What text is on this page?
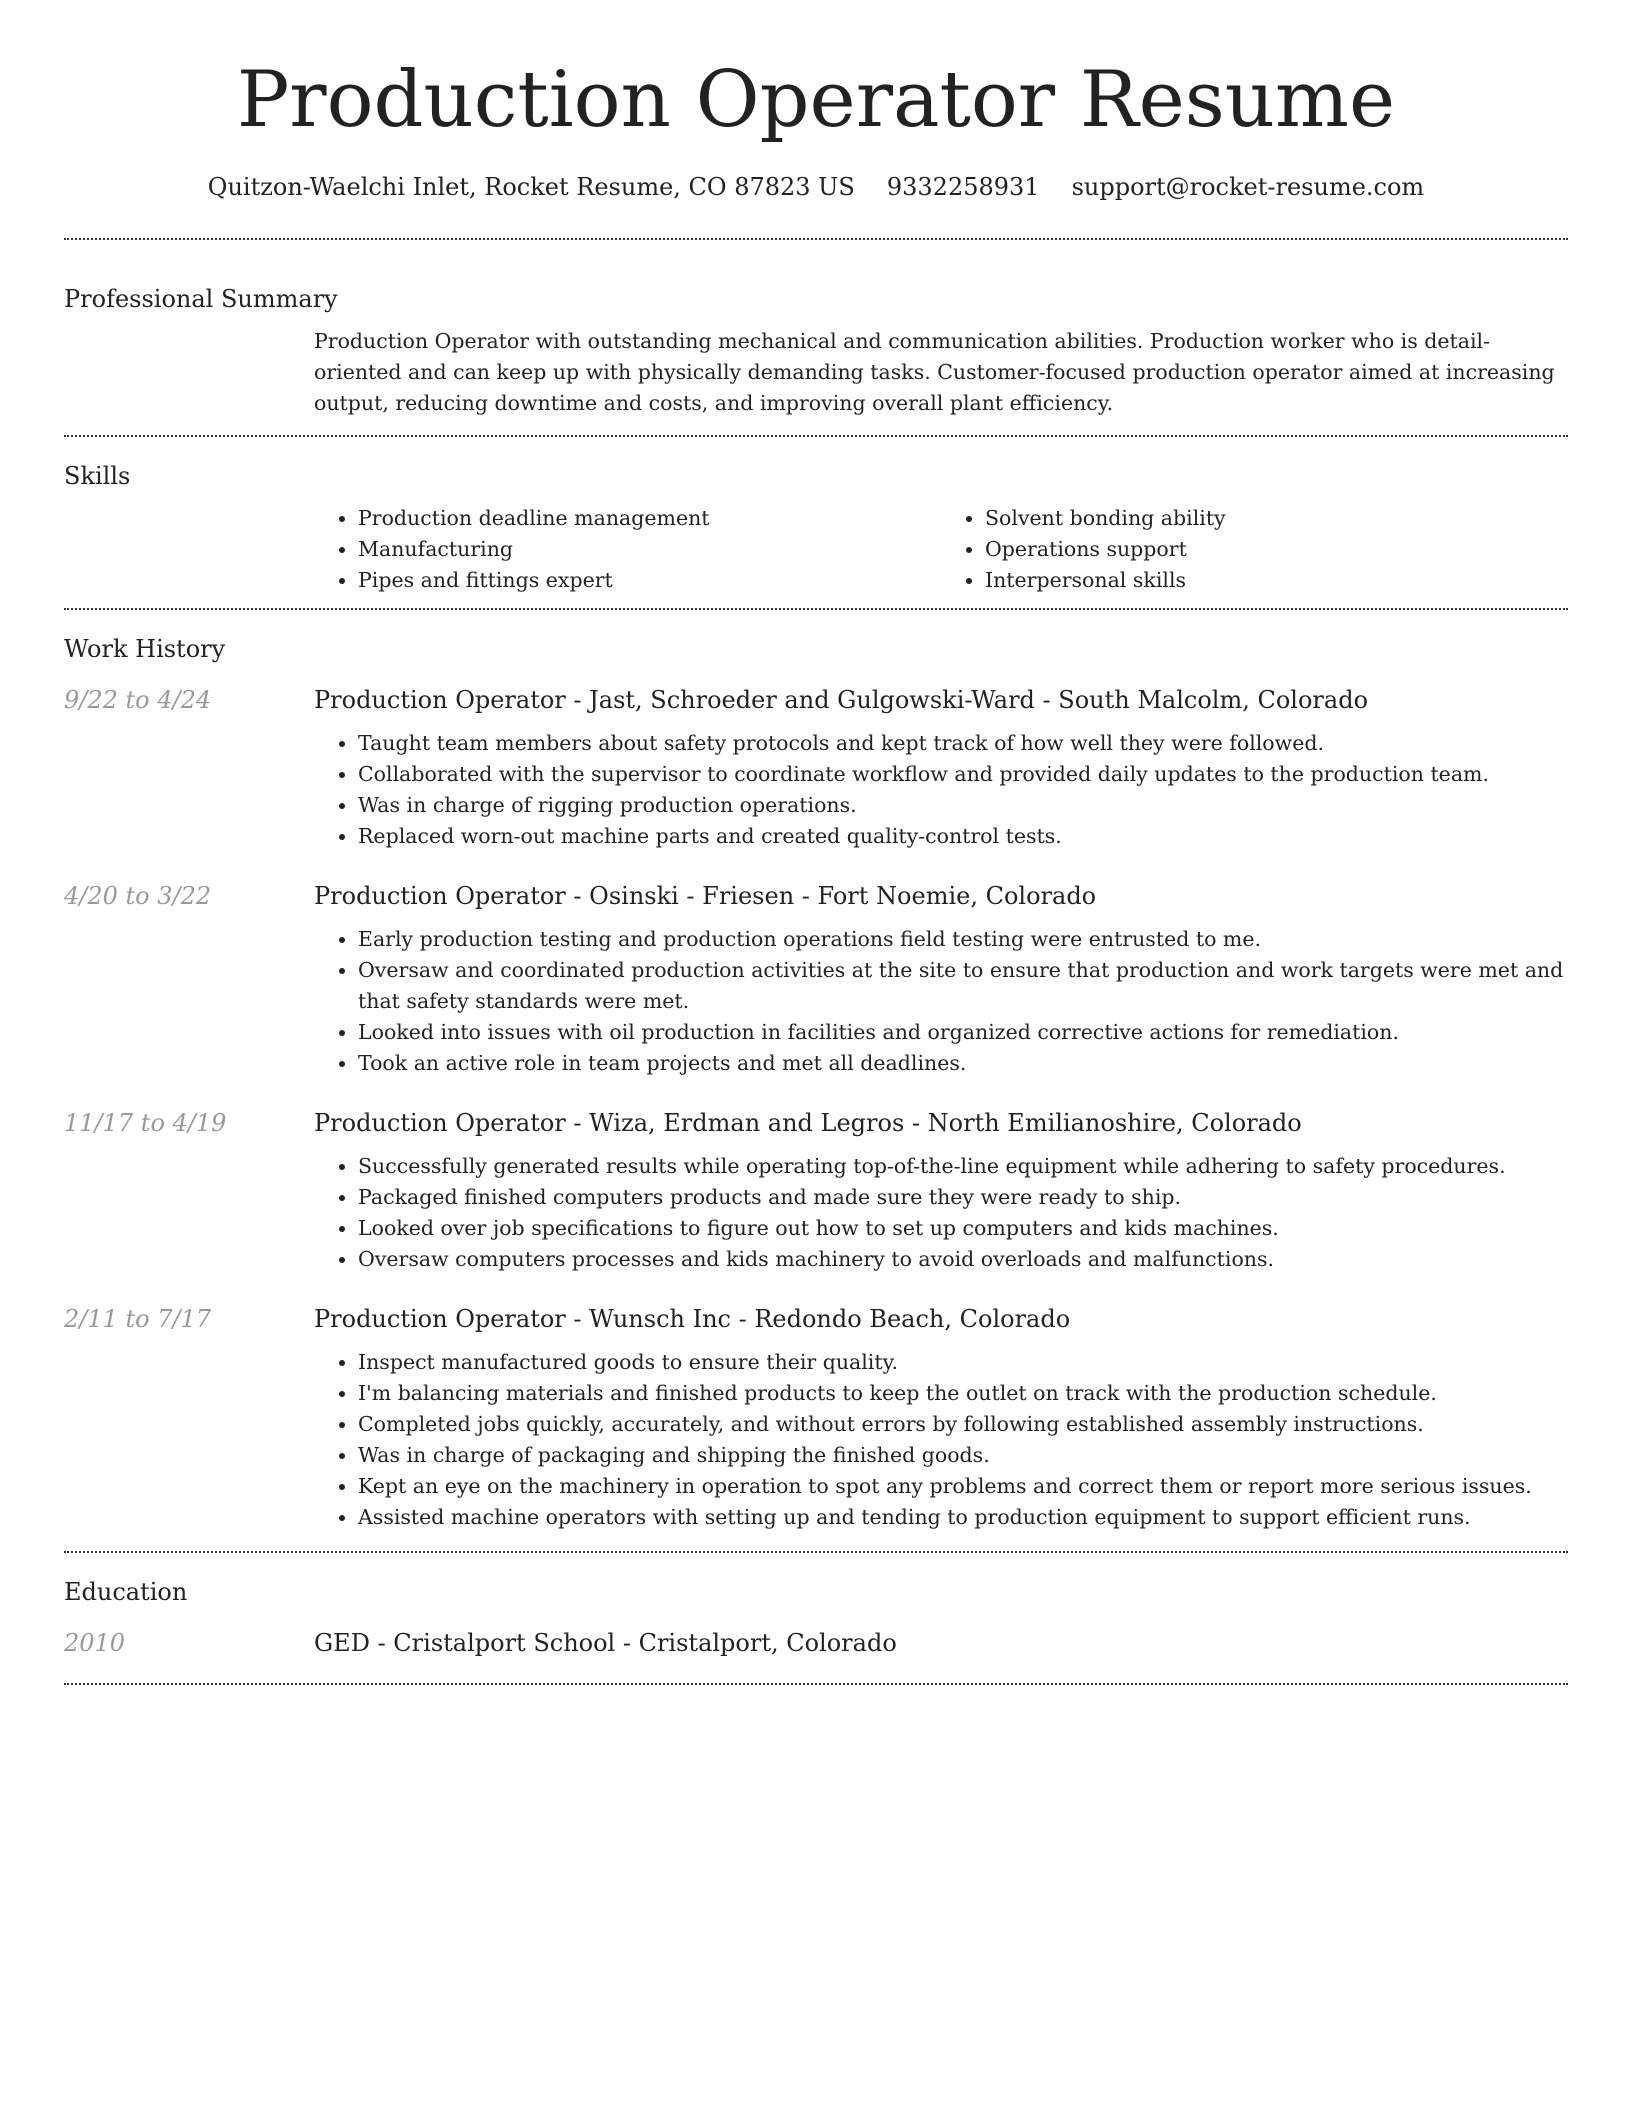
Production Operator Resume
Quitzon-Waelchi Inlet, Rocket Resume, CO 87823 US 9332258931 support@rocket-resume.com
Professional Summary
Production Operator with outstanding mechanical and communication abilities. Production worker who is detail-oriented and can keep up with physically demanding tasks. Customer-focused production operator aimed at increasing output, reducing downtime and costs, and improving overall plant efficiency.
Skills
• Production deadline management
• Manufacturing
• Pipes and fittings expert
• Solvent bonding ability
• Operations support
• Interpersonal skills
Work History
9/22 to 4/24	Production Operator - Jast, Schroeder and Gulgowski-Ward - South Malcolm, Colorado
• Taught team members about safety protocols and kept track of how well they were followed.
• Collaborated with the supervisor to coordinate workflow and provided daily updates to the production team.
• Was in charge of rigging production operations.
• Replaced worn-out machine parts and created quality-control tests.
4/20 to 3/22	Production Operator - Osinski - Friesen - Fort Noemie, Colorado
• Early production testing and production operations field testing were entrusted to me.
• Oversaw and coordinated production activities at the site to ensure that production and work targets were met and that safety standards were met.
• Looked into issues with oil production in facilities and organized corrective actions for remediation.
• Took an active role in team projects and met all deadlines.
11/17 to 4/19	Production Operator - Wiza, Erdman and Legros - North Emilianoshire, Colorado
• Successfully generated results while operating top-of-the-line equipment while adhering to safety procedures.
• Packaged finished computers products and made sure they were ready to ship.
• Looked over job specifications to figure out how to set up computers and kids machines.
• Oversaw computers processes and kids machinery to avoid overloads and malfunctions.
2/11 to 7/17	Production Operator - Wunsch Inc - Redondo Beach, Colorado
• Inspect manufactured goods to ensure their quality.
• I'm balancing materials and finished products to keep the outlet on track with the production schedule.
• Completed jobs quickly, accurately, and without errors by following established assembly instructions.
• Was in charge of packaging and shipping the finished goods.
• Kept an eye on the machinery in operation to spot any problems and correct them or report more serious issues.
• Assisted machine operators with setting up and tending to production equipment to support efficient runs.
Education
2010	GED - Cristalport School - Cristalport, Colorado
